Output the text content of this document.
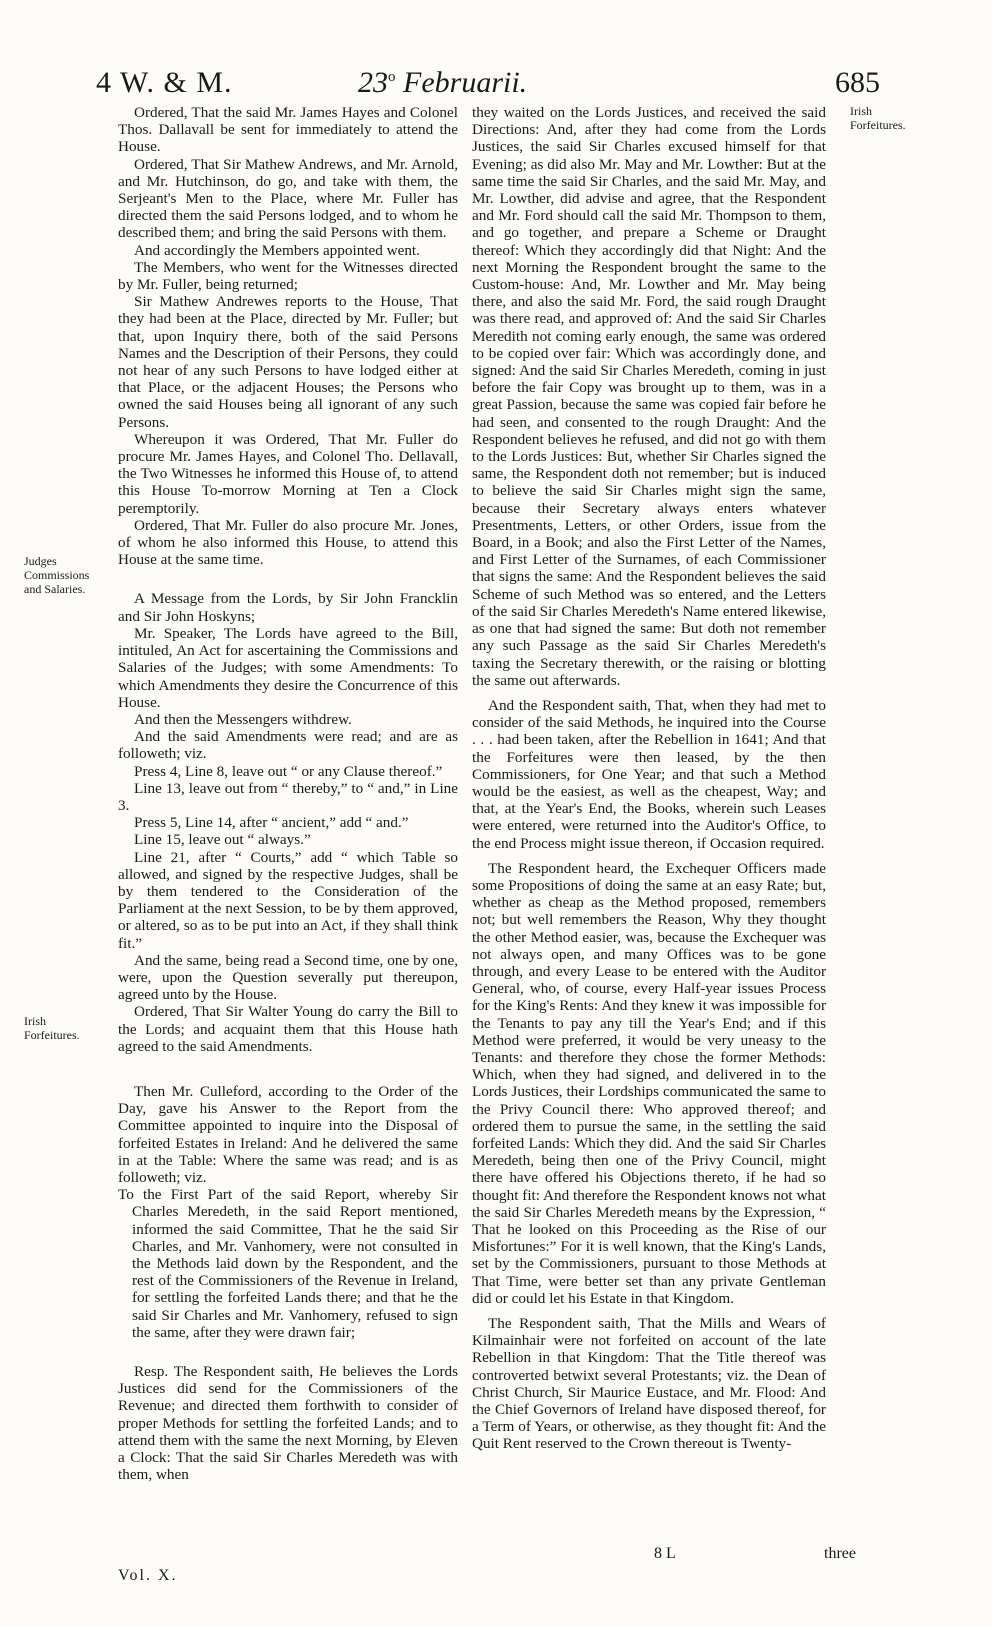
4 W. & M.	23$^o$ Februarii.	685
Irish Forfeitures.
Judges Commissions and Salaries.
Irish Forfeitures.

Ordered, That the said Mr. James Hayes and Colonel Thos. Dallavall be sent for immediately to attend the House.

Ordered, That Sir Mathew Andrews, and Mr. Arnold, and Mr. Hutchinson, do go, and take with them, the Serjeant's Men to the Place, where Mr. Fuller has directed them the said Persons lodged, and to whom he described them; and bring the said Persons with them.

And accordingly the Members appointed went.

The Members, who went for the Witnesses directed by Mr. Fuller, being returned;

Sir Mathew Andrewes reports to the House, That they had been at the Place, directed by Mr. Fuller; but that, upon Inquiry there, both of the said Persons Names and the Description of their Persons, they could not hear of any such Persons to have lodged either at that Place, or the adjacent Houses; the Persons who owned the said Houses being all ignorant of any such Persons.

Whereupon it was Ordered, That Mr. Fuller do procure Mr. James Hayes, and Colonel Tho. Dellavall, the Two Witnesses he informed this House of, to attend this House To-morrow Morning at Ten a Clock peremptorily.

Ordered, That Mr. Fuller do also procure Mr. Jones, of whom he also informed this House, to attend this House at the same time.

A Message from the Lords, by Sir John Francklin and Sir John Hoskyns;

Mr. Speaker, The Lords have agreed to the Bill, intituled, An Act for ascertaining the Commissions and Salaries of the Judges; with some Amendments: To which Amendments they desire the Concurrence of this House.

And then the Messengers withdrew.

And the said Amendments were read; and are as followeth; viz.

Press 4, Line 8, leave out “ or any Clause thereof.”

Line 13, leave out from “ thereby,” to “ and,” in Line 3.

Press 5, Line 14, after “ ancient,” add “ and.”

Line 15, leave out “ always.”

Line 21, after “ Courts,” add “ which Table so allowed, and signed by the respective Judges, shall be by them tendered to the Consideration of the Parliament at the next Session, to be by them approved, or altered, so as to be put into an Act, if they shall think fit.”

And the same, being read a Second time, one by one, were, upon the Question severally put thereupon, agreed unto by the House.

Ordered, That Sir Walter Young do carry the Bill to the Lords; and acquaint them that this House hath agreed to the said Amendments.

Then Mr. Culleford, according to the Order of the Day, gave his Answer to the Report from the Committee appointed to inquire into the Disposal of forfeited Estates in Ireland: And he delivered the same in at the Table: Where the same was read; and is as followeth; viz.

To the First Part of the said Report, whereby Sir Charles Meredeth, in the said Report mentioned, informed the said Committee, That he the said Sir Charles, and Mr. Vanhomery, were not consulted in the Methods laid down by the Respondent, and the rest of the Commissioners of the Revenue in Ireland, for settling the forfeited Lands there; and that he the said Sir Charles and Mr. Vanhomery, refused to sign the same, after they were drawn fair;

Resp. The Respondent saith, He believes the Lords Justices did send for the Commissioners of the Revenue; and directed them forthwith to consider of proper Methods for settling the forfeited Lands; and to attend them with the same the next Morning, by Eleven a Clock: That the said Sir Charles Meredeth was with them, when

they waited on the Lords Justices, and received the said Directions: And, after they had come from the Lords Justices, the said Sir Charles excused himself for that Evening; as did also Mr. May and Mr. Lowther: But at the same time the said Sir Charles, and the said Mr. May, and Mr. Lowther, did advise and agree, that the Respondent and Mr. Ford should call the said Mr. Thompson to them, and go together, and prepare a Scheme or Draught thereof: Which they accordingly did that Night: And the next Morning the Respondent brought the same to the Custom-house: And, Mr. Lowther and Mr. May being there, and also the said Mr. Ford, the said rough Draught was there read, and approved of: And the said Sir Charles Meredith not coming early enough, the same was ordered to be copied over fair: Which was accordingly done, and signed: And the said Sir Charles Meredeth, coming in just before the fair Copy was brought up to them, was in a great Passion, because the same was copied fair before he had seen, and consented to the rough Draught: And the Respondent believes he refused, and did not go with them to the Lords Justices: But, whether Sir Charles signed the same, the Respondent doth not remember; but is induced to believe the said Sir Charles might sign the same, because their Secretary always enters whatever Presentments, Letters, or other Orders, issue from the Board, in a Book; and also the First Letter of the Names, and First Letter of the Surnames, of each Commissioner that signs the same: And the Respondent believes the said Scheme of such Method was so entered, and the Letters of the said Sir Charles Meredeth's Name entered likewise, as one that had signed the same: But doth not remember any such Passage as the said Sir Charles Meredeth's taxing the Secretary therewith, or the raising or blotting the same out afterwards.

And the Respondent saith, That, when they had met to consider of the said Methods, he inquired into the Course . . . had been taken, after the Rebellion in 1641; And that the Forfeitures were then leased, by the then Commissioners, for One Year; and that such a Method would be the easiest, as well as the cheapest, Way; and that, at the Year's End, the Books, wherein such Leases were entered, were returned into the Auditor's Office, to the end Process might issue thereon, if Occasion required.

The Respondent heard, the Exchequer Officers made some Propositions of doing the same at an easy Rate; but, whether as cheap as the Method proposed, remembers not; but well remembers the Reason, Why they thought the other Method easier, was, because the Exchequer was not always open, and many Offices was to be gone through, and every Lease to be entered with the Auditor General, who, of course, every Half-year issues Process for the King's Rents: And they knew it was impossible for the Tenants to pay any till the Year's End; and if this Method were preferred, it would be very uneasy to the Tenants: and therefore they chose the former Methods: Which, when they had signed, and delivered in to the Lords Justices, their Lordships communicated the same to the Privy Council there: Who approved thereof; and ordered them to pursue the same, in the settling the said forfeited Lands: Which they did. And the said Sir Charles Meredeth, being then one of the Privy Council, might there have offered his Objections thereto, if he had so thought fit: And therefore the Respondent knows not what the said Sir Charles Meredeth means by the Expression, “ That he looked on this Proceeding as the Rise of our Misfortunes:” For it is well known, that the King's Lands, set by the Commissioners, pursuant to those Methods at That Time, were better set than any private Gentleman did or could let his Estate in that Kingdom.

The Respondent saith, That the Mills and Wears of Kilmainhair were not forfeited on account of the late Rebellion in that Kingdom: That the Title thereof was controverted betwixt several Protestants; viz. the Dean of Christ Church, Sir Maurice Eustace, and Mr. Flood: And the Chief Governors of Ireland have disposed thereof, for a Term of Years, or otherwise, as they thought fit: And the Quit Rent reserved to the Crown thereout is Twenty-

Vol. X.
8 L	three
